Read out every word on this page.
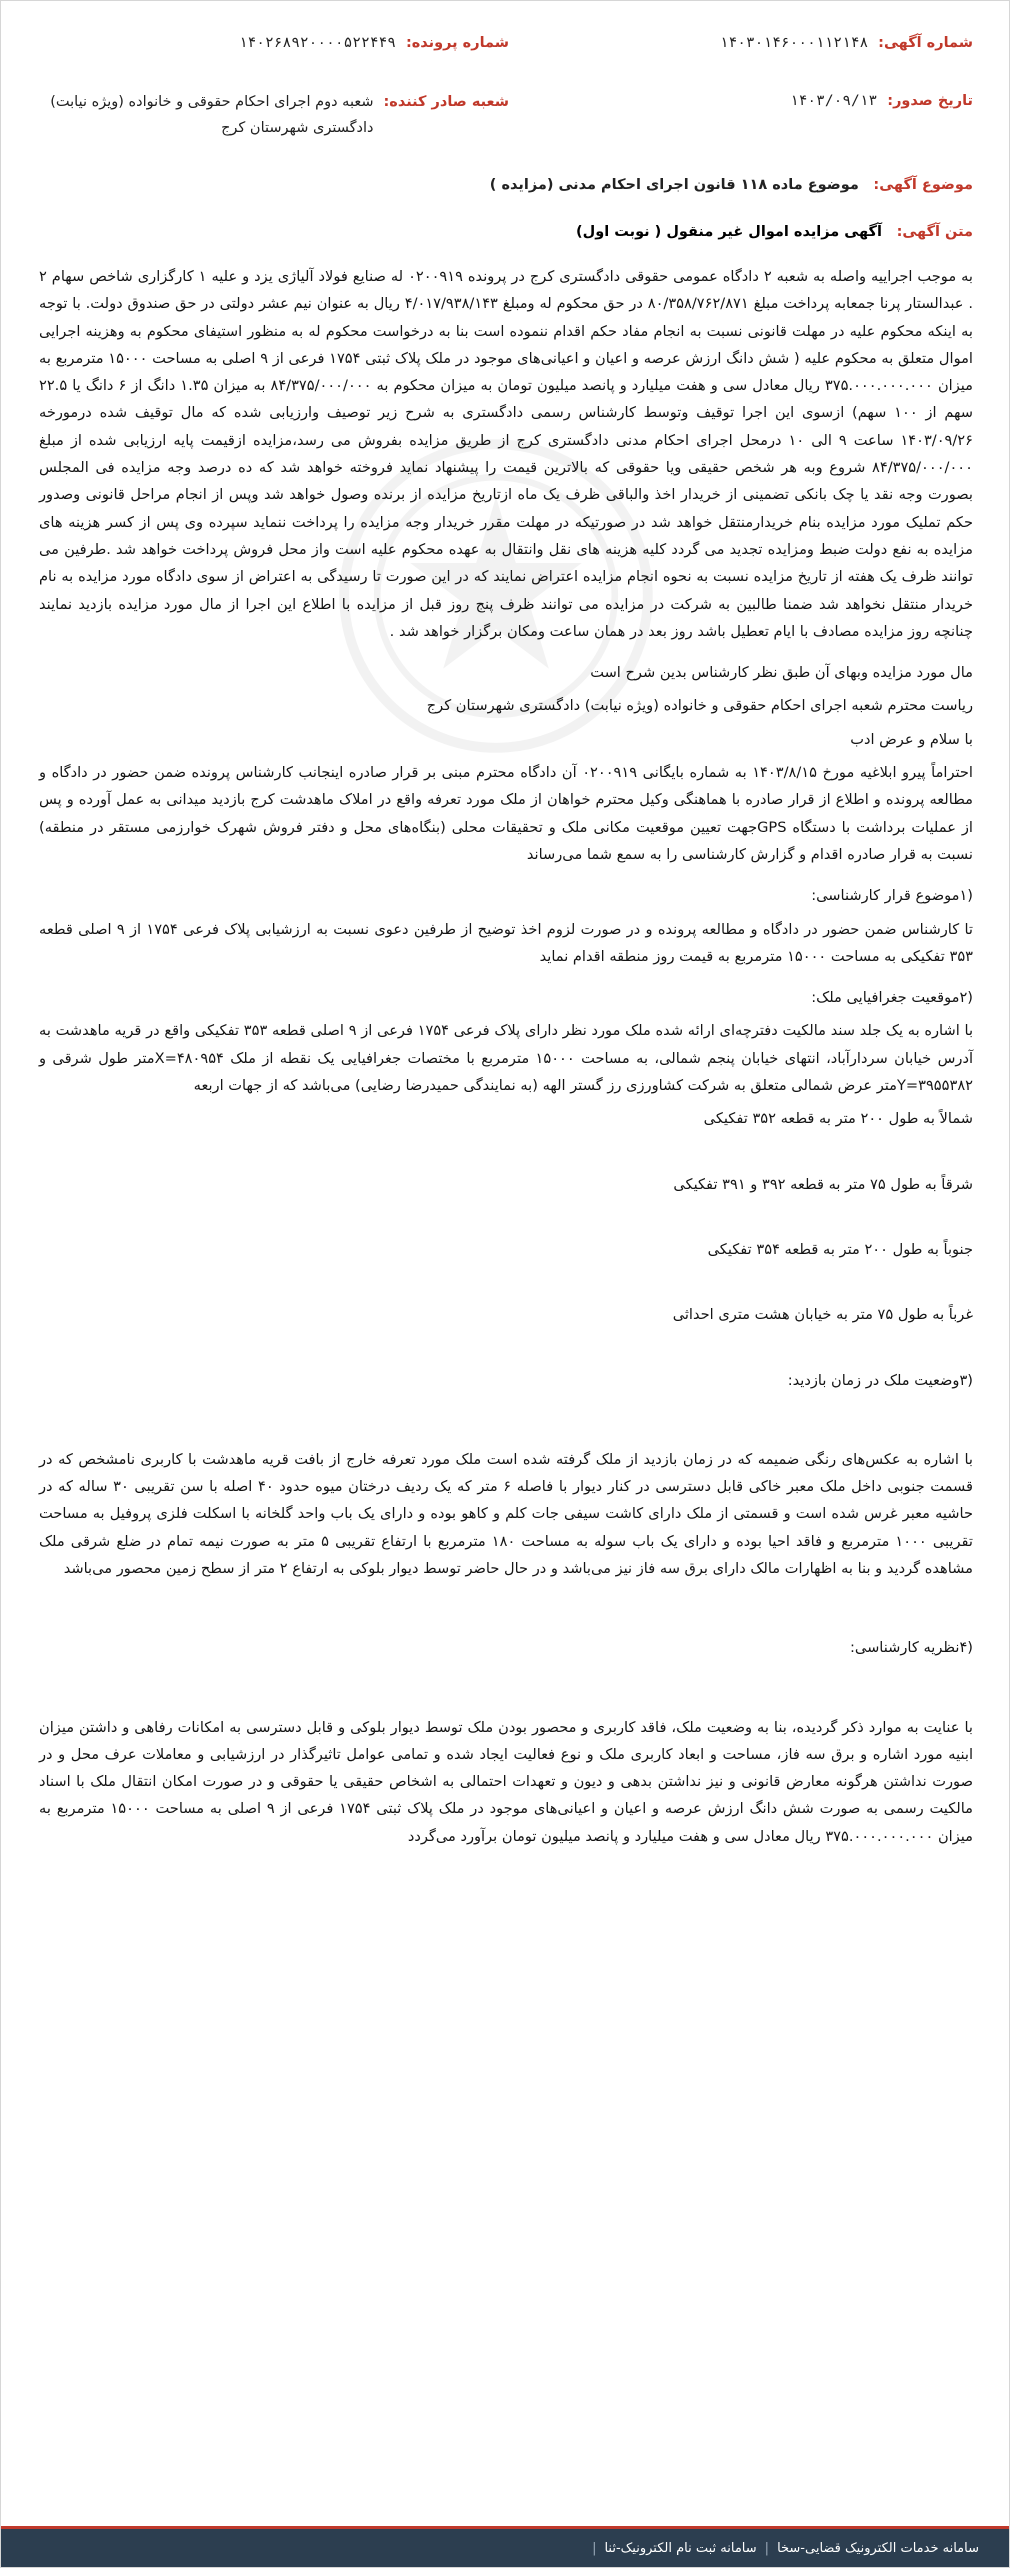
شماره آگهی:
۱۴۰۳۰۱۴۶۰۰۰۱۱۲۱۴۸
شماره پرونده:
۱۴۰۲۶۸۹۲۰۰۰۰۵۲۲۴۴۹
تاریخ صدور:
۱۴۰۳/۰۹/۱۳
شعبه صادر کننده:
شعبه دوم اجرای احکام حقوقی و خانواده (ویژه نیابت)
دادگستری شهرستان کرج
موضوع آگهی: موضوع ماده ۱۱۸ قانون اجرای احکام مدنی (مزایده )
متن آگهی: آگهی مزایده اموال غیر منقول ( نوبت اول)

به موجب اجراییه واصله به شعبه ۲ دادگاه عمومی حقوقی دادگستری کرج در پرونده ۰۲۰۰۹۱۹ له صنایع فولاد آلیاژی یزد و علیه ۱ کارگزاری شاخص سهام ۲ . عبدالستار پرنا جمعابه پرداخت مبلغ ۸۰/۳۵۸/۷۶۲/۸۷۱ در حق محکوم له ومبلغ ۴/۰۱۷/۹۳۸/۱۴۳ ریال به عنوان نیم عشر دولتی در حق صندوق دولت. با توجه به اینکه محکوم علیه در مهلت قانونی نسبت به انجام مفاد حکم اقدام ننموده است بنا به درخواست محکوم له به منظور استیفای محکوم به وهزینه اجرایی اموال متعلق به محکوم علیه ( شش دانگ ارزش عرصه و اعیان و اعیانی‌های موجود در ملک پلاک ثبتی ۱۷۵۴ فرعی از ۹ اصلی به مساحت ۱۵۰۰۰ مترمربع به میزان ۳۷۵.۰۰۰.۰۰۰.۰۰۰ ریال معادل سی و هفت میلیارد و پانصد میلیون تومان به میزان محکوم به ۸۴/۳۷۵/۰۰۰/۰۰۰ به میزان ۱.۳۵ دانگ از ۶ دانگ یا ۲۲.۵ سهم از ۱۰۰ سهم) ازسوی این اجرا توقیف وتوسط کارشناس رسمی دادگستری به شرح زیر توصیف وارزیابی شده که مال توقیف شده درمورخه ۱۴۰۳/۰۹/۲۶ ساعت ۹ الی ۱۰ درمحل اجرای احکام مدنی دادگستری کرج از طریق مزایده بفروش می رسد،مزایده ازقیمت پایه ارزیابی شده از مبلغ ۸۴/۳۷۵/۰۰۰/۰۰۰ شروع وبه هر شخص حقیقی ویا حقوقی که بالاترین قیمت را پیشنهاد نماید فروخته خواهد شد که ده درصد وجه مزایده فی المجلس بصورت وجه نقد یا چک بانکی تضمینی از خریدار اخذ والباقی ظرف یک ماه ازتاریخ مزایده از برنده وصول خواهد شد وپس از انجام مراحل قانونی وصدور حکم تملیک مورد مزایده بنام خریدارمنتقل خواهد شد در صورتیکه در مهلت مقرر خریدار وجه مزایده را پرداخت ننماید سپرده وی پس از کسر هزینه های مزایده به نفع دولت ضبط ومزایده تجدید می گردد کلیه هزینه های نقل وانتقال به عهده محکوم علیه است واز محل فروش پرداخت خواهد شد .طرفین می توانند ظرف یک هفته از تاریخ مزایده نسبت به نحوه انجام مزایده اعتراض نمایند که در این صورت تا رسیدگی به اعتراض از سوی دادگاه مورد مزایده به نام خریدار منتقل نخواهد شد ضمنا طالبین به شرکت در مزایده می توانند ظرف پنج روز قبل از مزایده با اطلاع این اجرا از مال مورد مزایده بازدید نمایند چنانچه روز مزایده مصادف با ایام تعطیل باشد روز بعد در همان ساعت ومکان برگزار خواهد شد .

مال مورد مزایده وبهای آن طبق نظر کارشناس بدین شرح است

ریاست محترم شعبه اجرای احکام حقوقی و خانواده (ویژه نیابت) دادگستری شهرستان کرج

با سلام و عرض ادب

احتراماً پیرو ابلاغیه مورخ ۱۴۰۳/۸/۱۵ به شماره بایگانی ۰۲۰۰۹۱۹ آن دادگاه محترم مبنی بر قرار صادره اینجانب کارشناس پرونده ضمن حضور در دادگاه و مطالعه پرونده و اطلاع از قرار صادره با هماهنگی وکیل محترم خواهان از ملک مورد تعرفه واقع در املاک ماهدشت کرج بازدید میدانی به عمل آورده و پس از عملیات برداشت با دستگاه GPSجهت تعیین موقعیت مکانی ملک و تحقیقات محلی (بنگاه‌های محل و دفتر فروش شهرک خوارزمی مستقر در منطقه) نسبت به قرار صادره اقدام و گزارش کارشناسی را به سمع شما می‌رساند

(۱موضوع قرار کارشناسی:

تا کارشناس ضمن حضور در دادگاه و مطالعه پرونده و در صورت لزوم اخذ توضیح از طرفین دعوی نسبت به ارزشیابی پلاک فرعی ۱۷۵۴ از ۹ اصلی قطعه ۳۵۳ تفکیکی به مساحت ۱۵۰۰۰ مترمربع به قیمت روز منطقه اقدام نماید

(۲موقعیت جغرافیایی ملک:

با اشاره به یک جلد سند مالکیت دفترچه‌ای ارائه شده ملک مورد نظر دارای پلاک فرعی ۱۷۵۴ فرعی از ۹ اصلی قطعه ۳۵۳ تفکیکی واقع در قریه ماهدشت به آدرس خیابان سردارآباد، انتهای خیابان پنجم شمالی، به مساحت ۱۵۰۰۰ مترمربع با مختصات جغرافیایی یک نقطه از ملک ۴۸۰۹۵۴=Xمتر طول شرقی و ۳۹۵۵۳۸۲=Yمتر عرض شمالی متعلق به شرکت کشاورزی رز گستر الهه (به نمایندگی حمیدرضا رضایی) می‌باشد که از جهات اربعه

شمالاً به طول ۲۰۰ متر به قطعه ۳۵۲ تفکیکی

شرقاً به طول ۷۵ متر به قطعه ۳۹۲ و ۳۹۱ تفکیکی

جنوباً به طول ۲۰۰ متر به قطعه ۳۵۴ تفکیکی

غرباً به طول ۷۵ متر به خیابان هشت متری احداثی

(۳وضعیت ملک در زمان بازدید:

با اشاره به عکس‌های رنگی ضمیمه که در زمان بازدید از ملک گرفته شده است ملک مورد تعرفه خارج از بافت قریه ماهدشت با کاربری نامشخص که در قسمت جنوبی داخل ملک معبر خاکی قابل دسترسی در کنار دیوار با فاصله ۶ متر که یک ردیف درختان میوه حدود ۴۰ اصله با سن تقریبی ۳۰ ساله که در حاشیه معبر غرس شده است و قسمتی از ملک دارای کاشت سیفی جات کلم و کاهو بوده و دارای یک باب واحد گلخانه با اسکلت فلزی پروفیل به مساحت تقریبی ۱۰۰۰ مترمربع و فاقد احیا بوده و دارای یک باب سوله به مساحت ۱۸۰ مترمربع با ارتفاع تقریبی ۵ متر به صورت نیمه تمام در ضلع شرقی ملک مشاهده گردید و بنا به اظهارات مالک دارای برق سه فاز نیز می‌باشد و در حال حاضر توسط دیوار بلوکی به ارتفاع ۲ متر از سطح زمین محصور می‌باشد

(۴نظریه کارشناسی:

با عنایت به موارد ذکر گردیده، بنا به وضعیت ملک، فاقد کاربری و محصور بودن ملک توسط دیوار بلوکی و قابل دسترسی به امکانات رفاهی و داشتن میزان ابنیه مورد اشاره و برق سه فاز، مساحت و ابعاد کاربری ملک و نوع فعالیت ایجاد شده و تمامی عوامل تاثیرگذار در ارزشیابی و معاملات عرف محل و در صورت نداشتن هرگونه معارض قانونی و نیز نداشتن بدهی و دیون و تعهدات احتمالی به اشخاص حقیقی یا حقوقی و در صورت امکان انتقال ملک با اسناد مالکیت رسمی به صورت شش دانگ ارزش عرصه و اعیان و اعیانی‌های موجود در ملک پلاک ثبتی ۱۷۵۴ فرعی از ۹ اصلی به مساحت ۱۵۰۰۰ مترمربع به میزان ۳۷۵.۰۰۰.۰۰۰.۰۰۰ ریال معادل سی و هفت میلیارد و پانصد میلیون تومان برآورد می‌گردد

سامانه خدمات الکترونیک قضایی-سخا
|
سامانه ثبت نام الکترونیک-ثنا
|
